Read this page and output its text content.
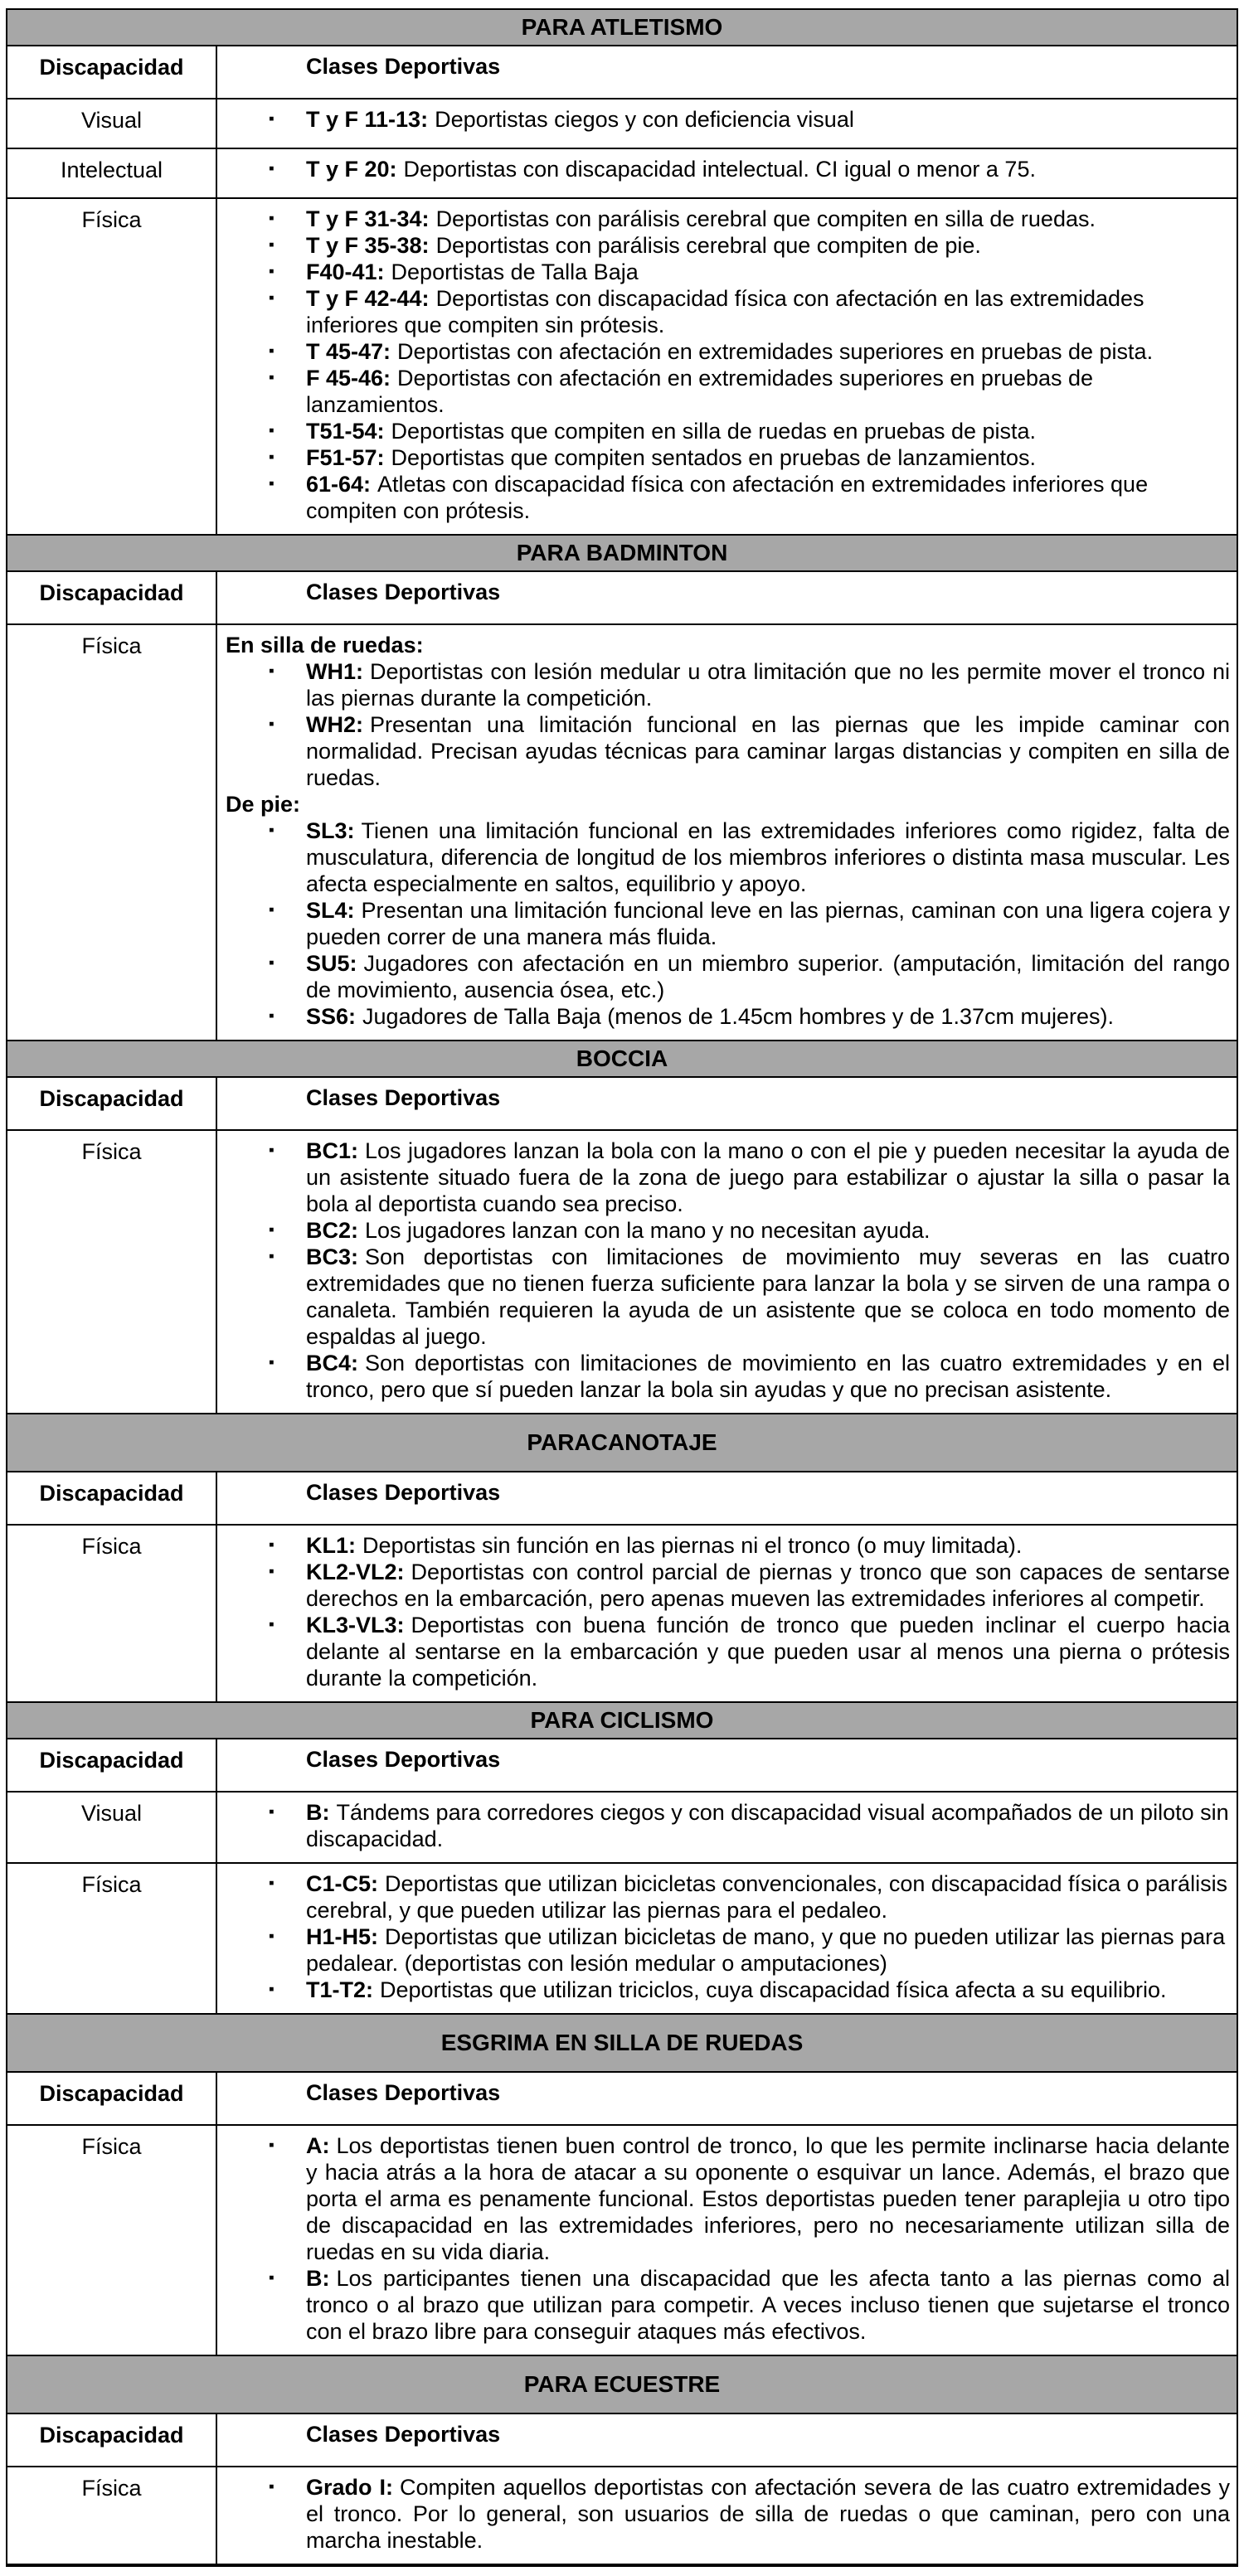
PARA ATLETISMO
Discapacidad	Clases Deportivas
Visual	▪ T y F 11-13: Deportistas ciegos y con deficiencia visual
Intelectual	▪ T y F 20: Deportistas con discapacidad intelectual. CI igual o menor a 75.
Física	▪ T y F 31-34: Deportistas con parálisis cerebral que compiten en silla de ruedas.
▪ T y F 35-38: Deportistas con parálisis cerebral que compiten de pie.
▪ F40-41: Deportistas de Talla Baja
▪ T y F 42-44: Deportistas con discapacidad física con afectación en las extremidades inferiores que compiten sin prótesis.
▪ T 45-47: Deportistas con afectación en extremidades superiores en pruebas de pista.
▪ F 45-46: Deportistas con afectación en extremidades superiores en pruebas de lanzamientos.
▪ T51-54: Deportistas que compiten en silla de ruedas en pruebas de pista.
▪ F51-57: Deportistas que compiten sentados en pruebas de lanzamientos.
▪ 61-64: Atletas con discapacidad física con afectación en extremidades inferiores que compiten con prótesis.
PARA BADMINTON
Discapacidad	Clases Deportivas
Física	En silla de ruedas:
▪ WH1: Deportistas con lesión medular u otra limitación que no les permite mover el tronco ni las piernas durante la competición.
▪ WH2: Presentan una limitación funcional en las piernas que les impide caminar con normalidad. Precisan ayudas técnicas para caminar largas distancias y compiten en silla de ruedas.
De pie:
▪ SL3: Tienen una limitación funcional en las extremidades inferiores como rigidez, falta de musculatura, diferencia de longitud de los miembros inferiores o distinta masa muscular. Les afecta especialmente en saltos, equilibrio y apoyo.
▪ SL4: Presentan una limitación funcional leve en las piernas, caminan con una ligera cojera y pueden correr de una manera más fluida.
▪ SU5: Jugadores con afectación en un miembro superior. (amputación, limitación del rango de movimiento, ausencia ósea, etc.)
▪ SS6: Jugadores de Talla Baja (menos de 1.45cm hombres y de 1.37cm mujeres).
BOCCIA
Discapacidad	Clases Deportivas
Física	▪ BC1: Los jugadores lanzan la bola con la mano o con el pie y pueden necesitar la ayuda de un asistente situado fuera de la zona de juego para estabilizar o ajustar la silla o pasar la bola al deportista cuando sea preciso.
▪ BC2: Los jugadores lanzan con la mano y no necesitan ayuda.
▪ BC3: Son deportistas con limitaciones de movimiento muy severas en las cuatro extremidades que no tienen fuerza suficiente para lanzar la bola y se sirven de una rampa o canaleta. También requieren la ayuda de un asistente que se coloca en todo momento de espaldas al juego.
▪ BC4: Son deportistas con limitaciones de movimiento en las cuatro extremidades y en el tronco, pero que sí pueden lanzar la bola sin ayudas y que no precisan asistente.
PARACANOTAJE
Discapacidad	Clases Deportivas
Física	▪ KL1: Deportistas sin función en las piernas ni el tronco (o muy limitada).
▪ KL2-VL2: Deportistas con control parcial de piernas y tronco que son capaces de sentarse derechos en la embarcación, pero apenas mueven las extremidades inferiores al competir.
▪ KL3-VL3: Deportistas con buena función de tronco que pueden inclinar el cuerpo hacia delante al sentarse en la embarcación y que pueden usar al menos una pierna o prótesis durante la competición.
PARA CICLISMO
Discapacidad	Clases Deportivas
Visual	▪ B: Tándems para corredores ciegos y con discapacidad visual acompañados de un piloto sin discapacidad.
Física	▪ C1-C5: Deportistas que utilizan bicicletas convencionales, con discapacidad física o parálisis cerebral, y que pueden utilizar las piernas para el pedaleo.
▪ H1-H5: Deportistas que utilizan bicicletas de mano, y que no pueden utilizar las piernas para pedalear. (deportistas con lesión medular o amputaciones)
▪ T1-T2: Deportistas que utilizan triciclos, cuya discapacidad física afecta a su equilibrio.
ESGRIMA EN SILLA DE RUEDAS
Discapacidad	Clases Deportivas
Física	▪ A: Los deportistas tienen buen control de tronco, lo que les permite inclinarse hacia delante y hacia atrás a la hora de atacar a su oponente o esquivar un lance. Además, el brazo que porta el arma es penamente funcional. Estos deportistas pueden tener paraplejia u otro tipo de discapacidad en las extremidades inferiores, pero no necesariamente utilizan silla de ruedas en su vida diaria.
▪ B: Los participantes tienen una discapacidad que les afecta tanto a las piernas como al tronco o al brazo que utilizan para competir. A veces incluso tienen que sujetarse el tronco con el brazo libre para conseguir ataques más efectivos.
PARA ECUESTRE
Discapacidad	Clases Deportivas
Física	▪ Grado I: Compiten aquellos deportistas con afectación severa de las cuatro extremidades y el tronco. Por lo general, son usuarios de silla de ruedas o que caminan, pero con una marcha inestable.
